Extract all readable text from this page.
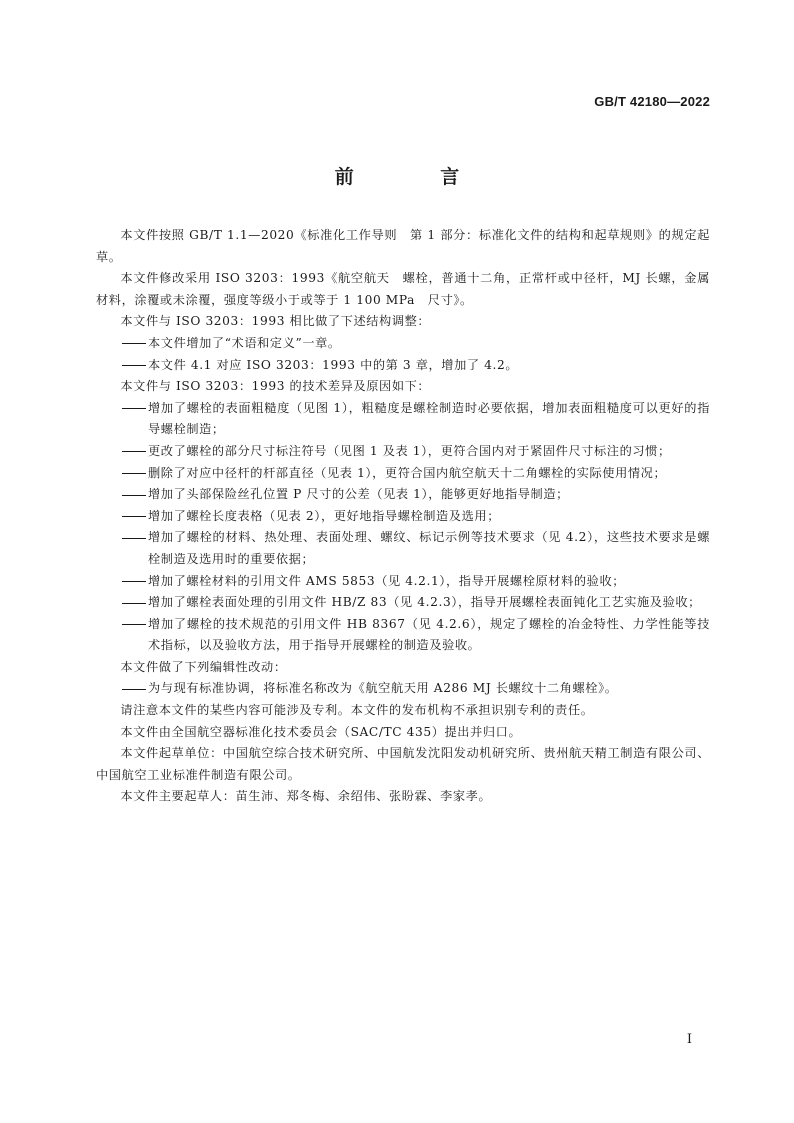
GB/T 42180—2022
前 言

本文件按照 GB/T 1.1—2020《标准化工作导则　第 1 部分：标准化文件的结构和起草规则》的规定起草。

本文件修改采用 ISO 3203：1993《航空航天　螺栓，普通十二角，正常杆或中径杆，MJ 长螺，金属材料，涂覆或未涂覆，强度等级小于或等于 1 100 MPa　尺寸》。

本文件与 ISO 3203：1993 相比做了下述结构调整：

本文件增加了“术语和定义”一章。

本文件 4.1 对应 ISO 3203：1993 中的第 3 章，增加了 4.2。

本文件与 ISO 3203：1993 的技术差异及原因如下：

增加了螺栓的表面粗糙度（见图 1），粗糙度是螺栓制造时必要依据，增加表面粗糙度可以更好的指导螺栓制造；

更改了螺栓的部分尺寸标注符号（见图 1 及表 1），更符合国内对于紧固件尺寸标注的习惯；

删除了对应中径杆的杆部直径（见表 1），更符合国内航空航天十二角螺栓的实际使用情况；

增加了头部保险丝孔位置 P 尺寸的公差（见表 1），能够更好地指导制造；

增加了螺栓长度表格（见表 2），更好地指导螺栓制造及选用；

增加了螺栓的材料、热处理、表面处理、螺纹、标记示例等技术要求（见 4.2），这些技术要求是螺栓制造及选用时的重要依据；

增加了螺栓材料的引用文件 AMS 5853（见 4.2.1），指导开展螺栓原材料的验收；

增加了螺栓表面处理的引用文件 HB/Z 83（见 4.2.3），指导开展螺栓表面钝化工艺实施及验收；

增加了螺栓的技术规范的引用文件 HB 8367（见 4.2.6），规定了螺栓的冶金特性、力学性能等技术指标，以及验收方法，用于指导开展螺栓的制造及验收。

本文件做了下列编辑性改动：

为与现有标准协调，将标准名称改为《航空航天用 A286 MJ 长螺纹十二角螺栓》。

请注意本文件的某些内容可能涉及专利。本文件的发布机构不承担识别专利的责任。

本文件由全国航空器标准化技术委员会（SAC/TC 435）提出并归口。

本文件起草单位：中国航空综合技术研究所、中国航发沈阳发动机研究所、贵州航天精工制造有限公司、中国航空工业标准件制造有限公司。

本文件主要起草人：苗生沛、郑冬梅、余绍伟、张盼霖、李家孝。

I
